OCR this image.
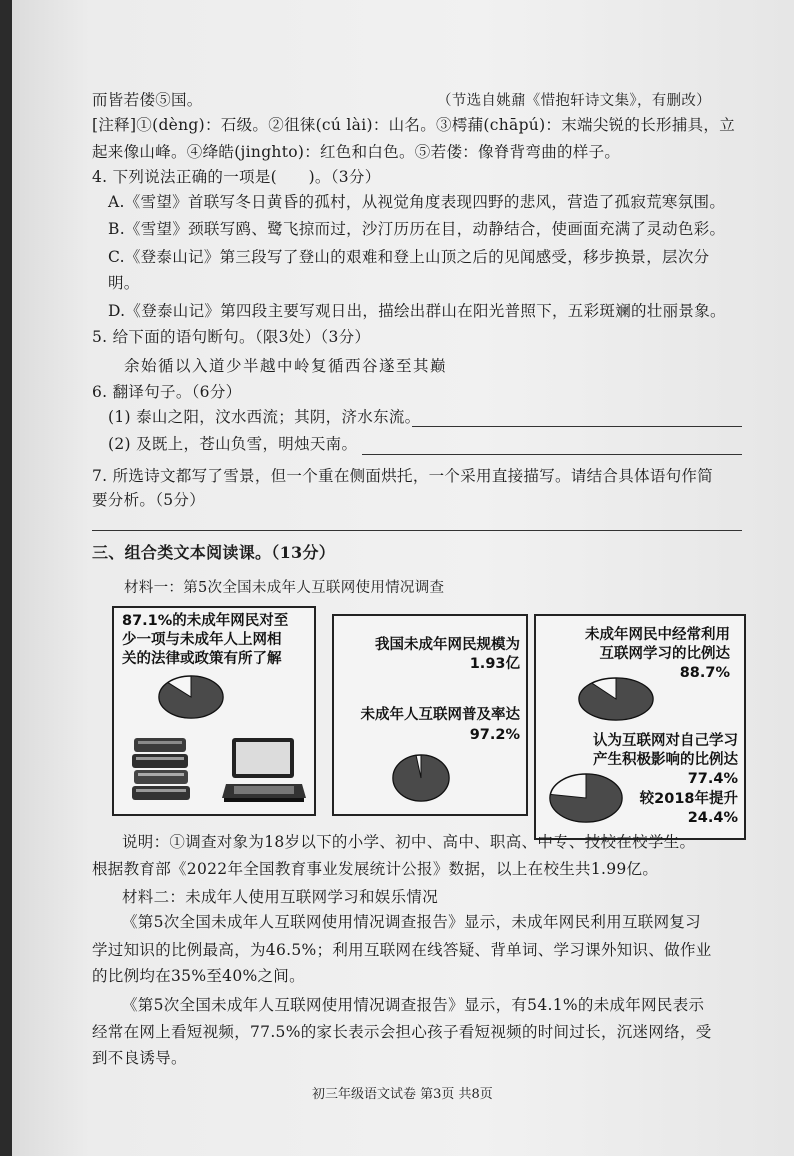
而皆若偻⑤国。	（节选自姚鼐《惜抱轩诗文集》，有删改）
[注释]①(dèng)：石级。②徂徕(cú lài)：山名。③樗蒱(chāpú)：末端尖锐的长形捕具，立
起来像山峰。④绛皓(jinghto)：红色和白色。⑤若偻：像脊背弯曲的样子。
4. 下列说法正确的一项是(　　)。（3分）
A.《雪望》首联写冬日黄昏的孤村，从视觉角度表现四野的悲风，营造了孤寂荒寒氛围。
B.《雪望》颈联写鸥、鹭飞掠而过，沙汀历历在目，动静结合，使画面充满了灵动色彩。
C.《登泰山记》第三段写了登山的艰难和登上山顶之后的见闻感受，移步换景，层次分
明。
D.《登泰山记》第四段主要写观日出，描绘出群山在阳光普照下，五彩斑斓的壮丽景象。
5. 给下面的语句断句。（限3处）（3分）
余始循以入道少半越中岭复循西谷遂至其巅
6. 翻译句子。（6分）
(1) 泰山之阳，汶水西流；其阴，济水东流。
(2) 及既上，苍山负雪，明烛天南。
7. 所选诗文都写了雪景，但一个重在侧面烘托，一个采用直接描写。请结合具体语句作简
要分析。（5分）
三、组合类文本阅读课。（13分）
材料一：第5次全国未成年人互联网使用情况调查
87.1%的未成年网民对至
少一项与未成年人上网相
关的法律或政策有所了解
我国未成年网民规模为
1.93亿
未成年人互联网普及率达
97.2%
未成年网民中经常利用
互联网学习的比例达
88.7%
认为互联网对自己学习
产生积极影响的比例达
77.4%
较2018年提升
24.4%
说明：①调查对象为18岁以下的小学、初中、高中、职高、中专、技校在校学生。
根据教育部《2022年全国教育事业发展统计公报》数据，以上在校生共1.99亿。
材料二：未成年人使用互联网学习和娱乐情况
《第5次全国未成年人互联网使用情况调查报告》显示，未成年网民利用互联网复习
学过知识的比例最高，为46.5%；利用互联网在线答疑、背单词、学习课外知识、做作业
的比例均在35%至40%之间。
《第5次全国未成年人互联网使用情况调查报告》显示，有54.1%的未成年网民表示
经常在网上看短视频，77.5%的家长表示会担心孩子看短视频的时间过长，沉迷网络，受
到不良诱导。
初三年级语文试卷 第3页 共8页
